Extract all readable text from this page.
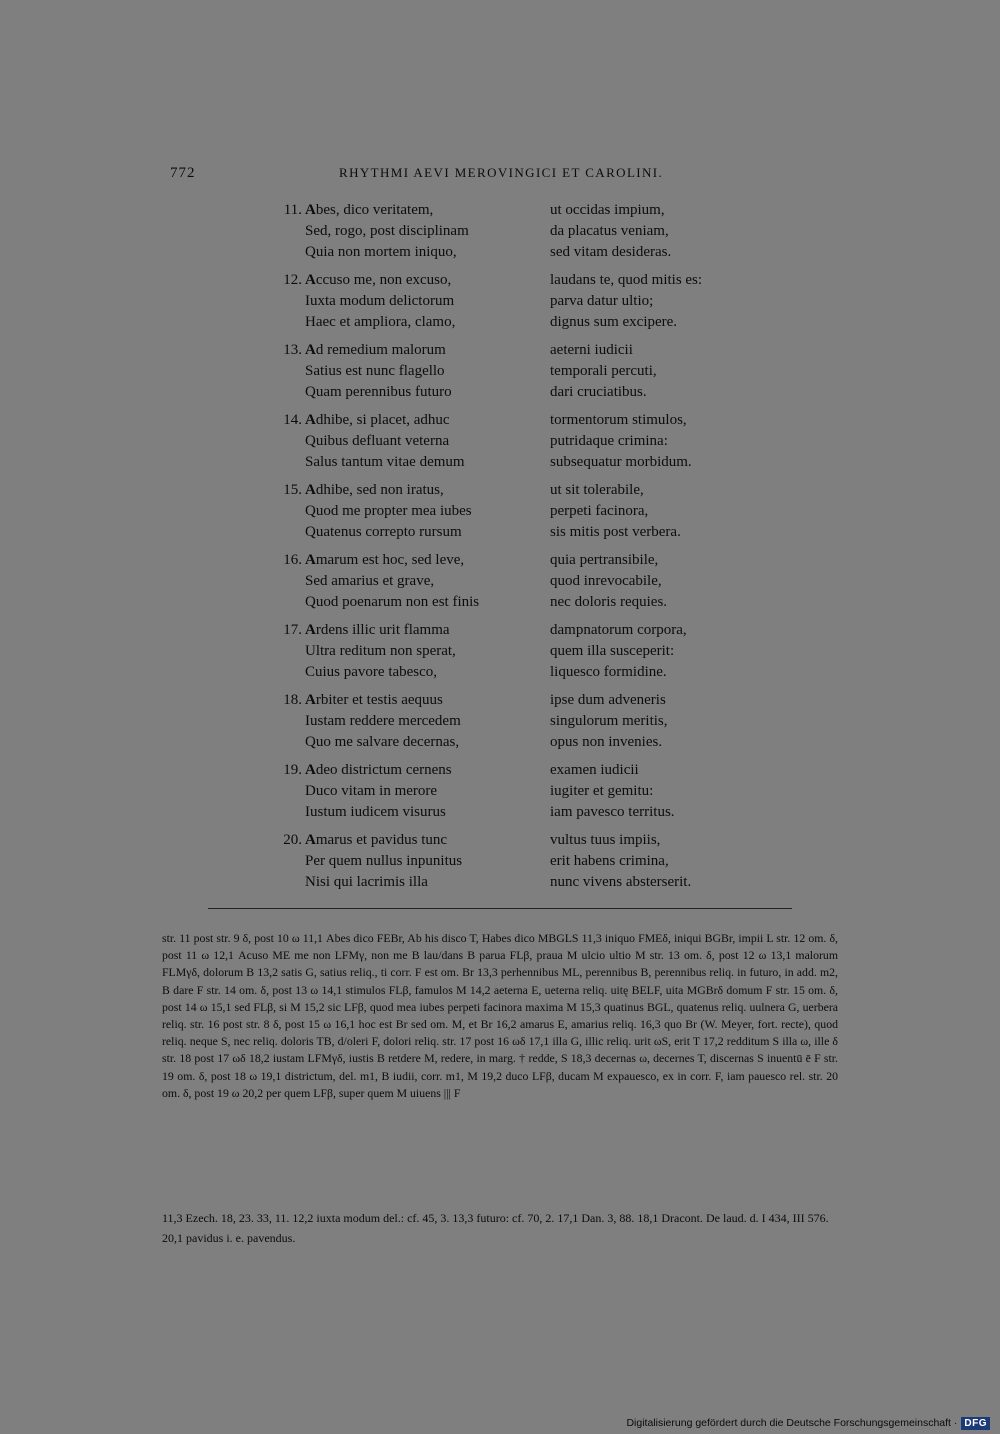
772	RHYTHMI AEVI MEROVINGICI ET CAROLINI.
11. Abes, dico veritatem,	ut occidas impium,
Sed, rogo, post disciplinam	da placatus veniam,
Quia non mortem iniquo,	sed vitam desideras.
12. Accuso me, non excuso,	laudans te, quod mitis es:
Iuxta modum delictorum	parva datur ultio;
Haec et ampliora, clamo,	dignus sum excipere.
13. Ad remedium malorum	aeterni iudicii
Satius est nunc flagello	temporali percuti,
Quam perennibus futuro	dari cruciatibus.
14. Adhibe, si placet, adhuc	tormentorum stimulos,
Quibus defluant veterna	putridaque crimina:
Salus tantum vitae demum	subsequatur morbidum.
15. Adhibe, sed non iratus,	ut sit tolerabile,
Quod me propter mea iubes	perpeti facinora,
Quatenus correpto rursum	sis mitis post verbera.
16. Amarum est hoc, sed leve,	quia pertransibile,
Sed amarius et grave,	quod inrevocabile,
Quod poenarum non est finis	nec doloris requies.
17. Ardens illic urit flamma	dampnatorum corpora,
Ultra reditum non sperat,	quem illa susceperit:
Cuius pavore tabesco,	liquesco formidine.
18. Arbiter et testis aequus	ipse dum adveneris
Iustam reddere mercedem	singulorum meritis,
Quo me salvare decernas,	opus non invenies.
19. Adeo districtum cernens	examen iudicii
Duco vitam in merore	iugiter et gemitu:
Iustum iudicem visurus	iam pavesco territus.
20. Amarus et pavidus tunc	vultus tuus impiis,
Per quem nullus inpunitus	erit habens crimina,
Nisi qui lacrimis illa	nunc vivens absterserit.

str. 11 post str. 9 δ, post 10 ω 11,1 Abes dico FEBr, Ab his disco T, Habes dico MBGLS 11,3 iniquo FMEδ, iniqui BGBr, impii L str. 12 om. δ, post 11 ω 12,1 Acuso ME me non LFMγ, non me B lau/dans B parua FLβ, praua M ulcio ultio M str. 13 om. δ, post 12 ω 13,1 malorum FLMγδ, dolorum B 13,2 satis G, satius reliq., ti corr. F est om. Br 13,3 perhennibus ML, perennibus B, perennibus reliq. in futuro, in add. m2, B dare F str. 14 om. δ, post 13 ω 14,1 stimulos FLβ, famulos M 14,2 aeterna E, ueterna reliq. uitę BELF, uita MGBrδ domum F str. 15 om. δ, post 14 ω 15,1 sed FLβ, si M 15,2 sic LFβ, quod mea iubes perpeti facinora maxima M 15,3 quatinus BGL, quatenus reliq. uulnera G, uerbera reliq. str. 16 post str. 8 δ, post 15 ω 16,1 hoc est Br sed om. M, et Br 16,2 amarus E, amarius reliq. 16,3 quo Br (W. Meyer, fort. recte), quod reliq. neque S, nec reliq. doloris TB, d/oleri F, dolori reliq. str. 17 post 16 ωδ 17,1 illa G, illic reliq. urit ωS, erit T 17,2 redditum S illa ω, ille δ str. 18 post 17 ωδ 18,2 iustam LFMγδ, iustis B retdere M, redere, in marg. † redde, S 18,3 decernas ω, decernes T, discernas S inuentū ē F str. 19 om. δ, post 18 ω 19,1 districtum, del. m1, B iudii, corr. m1, M 19,2 duco LFβ, ducam M expauesco, ex in corr. F, iam pauesco rel. str. 20 om. δ, post 19 ω 20,2 per quem LFβ, super quem M uiuens ||| F

11,3 Ezech. 18, 23. 33, 11. 12,2 iuxta modum del.: cf. 45, 3. 13,3 futuro: cf. 70, 2. 17,1 Dan. 3, 88. 18,1 Dracont. De laud. d. I 434, III 576. 20,1 pavidus i. e. pavendus.

Digitalisierung gefördert durch die Deutsche Forschungsgemeinschaft · DFG
